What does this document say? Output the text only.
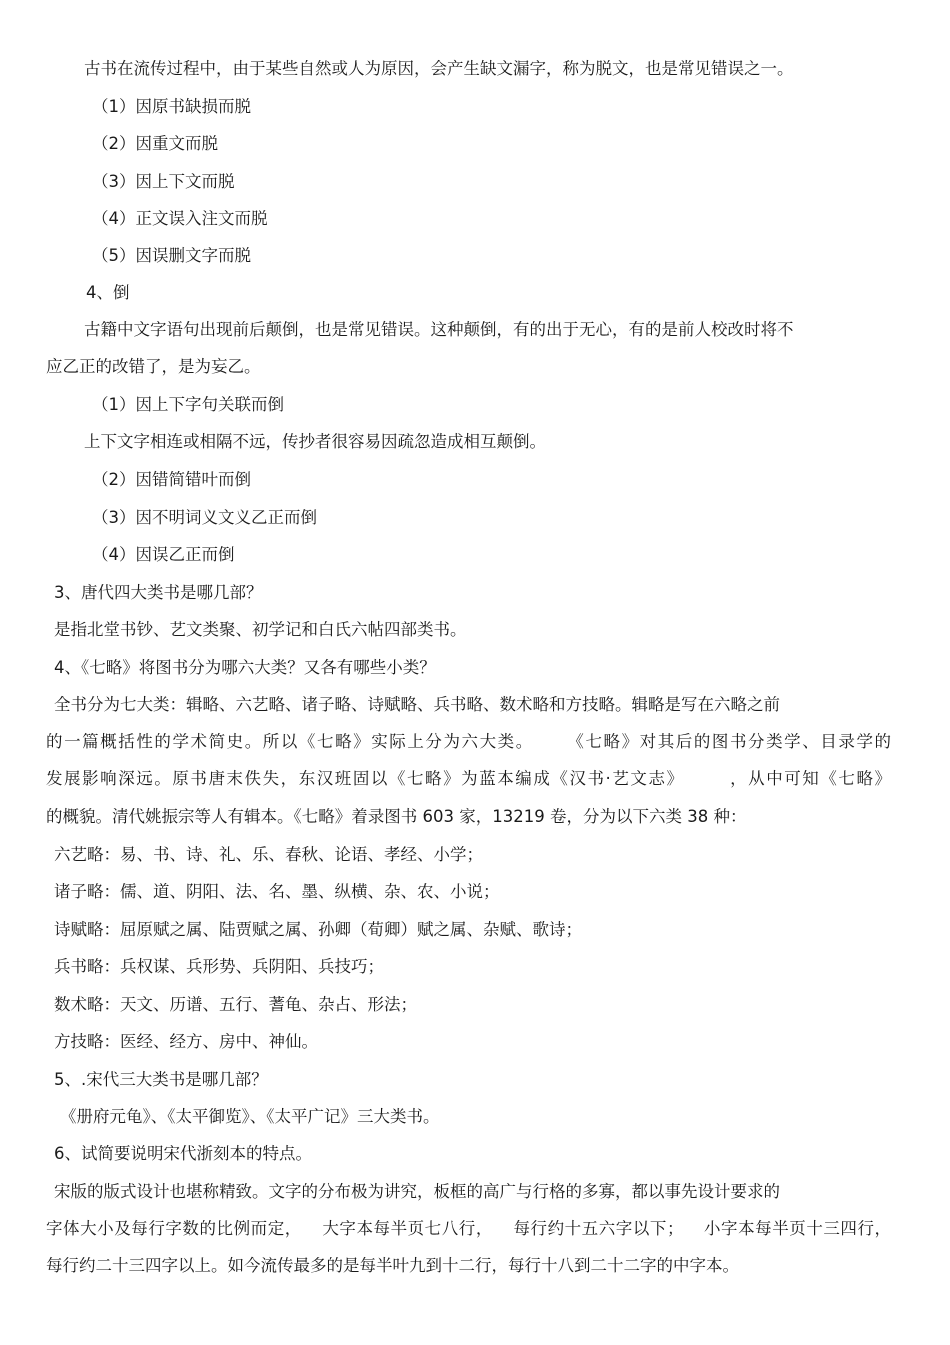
古书在流传过程中，由于某些自然或人为原因，会产生缺文漏字，称为脱文，也是常见错误之一。
（1）因原书缺损而脱
（2）因重文而脱
（3）因上下文而脱
（4）正文误入注文而脱
（5）因误删文字而脱
4、倒
古籍中文字语句出现前后颠倒，也是常见错误。这种颠倒，有的出于无心，有的是前人校改时将不
应乙正的改错了，是为妄乙。
（1）因上下字句关联而倒
上下文字相连或相隔不远，传抄者很容易因疏忽造成相互颠倒。
（2）因错简错叶而倒
（3）因不明词义文义乙正而倒
（4）因误乙正而倒
3、唐代四大类书是哪几部？
是指北堂书钞、艺文类聚、初学记和白氏六帖四部类书。
4、《七略》将图书分为哪六大类？又各有哪些小类？
全书分为七大类：辑略、六艺略、诸子略、诗赋略、兵书略、数术略和方技略。辑略是写在六略之前
的一篇概括性的学术简史。所以《七略》实际上分为六大类。 《七略》对其后的图书分类学、目录学的
发展影响深远。原书唐末佚失，东汉班固以《七略》为蓝本编成《汉书·艺文志》	，从中可知《七略》
的概貌。清代姚振宗等人有辑本。《七略》着录图书 603 家，13219 卷，分为以下六类 38 种：
六艺略：易、书、诗、礼、乐、春秋、论语、孝经、小学；
诸子略：儒、道、阴阳、法、名、墨、纵横、杂、农、小说；
诗赋略：屈原赋之属、陆贾赋之属、孙卿（荀卿）赋之属、杂赋、歌诗；
兵书略：兵权谋、兵形势、兵阴阳、兵技巧；
数术略：天文、历谱、五行、蓍龟、杂占、形法；
方技略：医经、经方、房中、神仙。
5、.宋代三大类书是哪几部？
《册府元龟》、《太平御览》、《太平广记》三大类书。
6、试简要说明宋代浙刻本的特点。
宋版的版式设计也堪称精致。文字的分布极为讲究，板框的高广与行格的多寡，都以事先设计要求的
字体大小及每行字数的比例而定， 大字本每半页七八行， 每行约十五六字以下； 小字本每半页十三四行，
每行约二十三四字以上。如今流传最多的是每半叶九到十二行，每行十八到二十二字的中字本。
